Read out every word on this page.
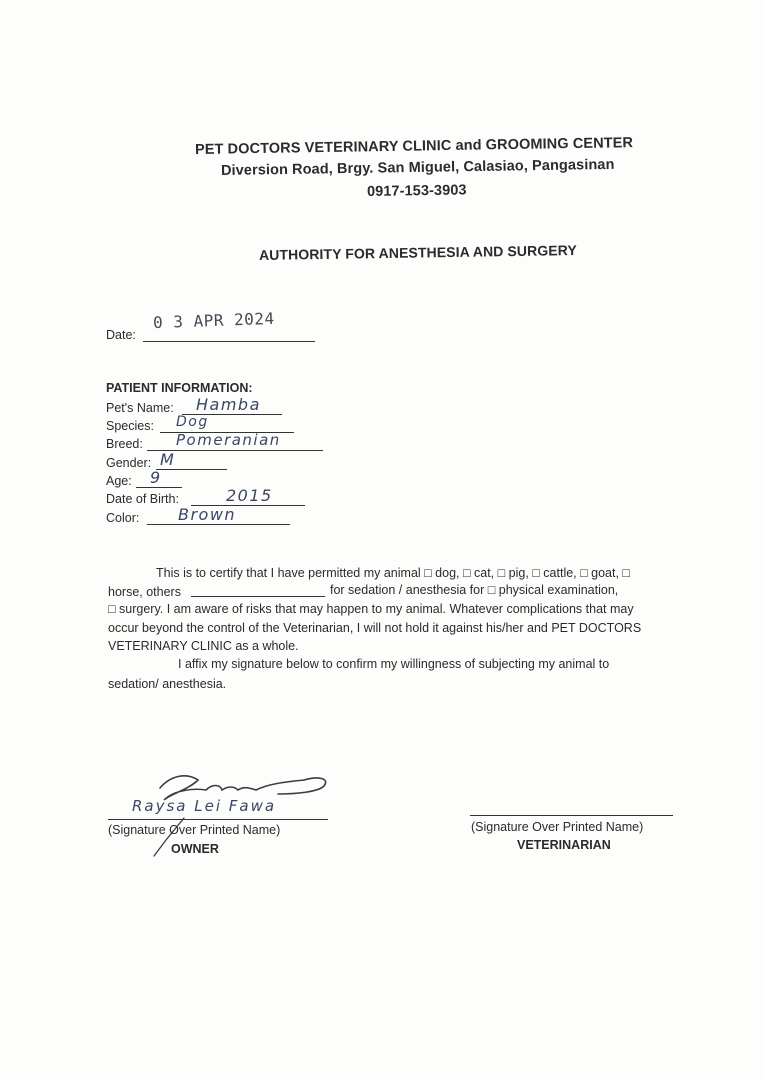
PET DOCTORS VETERINARY CLINIC and GROOMING CENTER
Diversion Road, Brgy. San Miguel, Calasiao, Pangasinan
0917-153-3903
AUTHORITY FOR ANESTHESIA AND SURGERY
Date:
0 3 APR 2024
PATIENT INFORMATION:
Pet's Name: Hamba
Species: Dog
Breed: Pomeranian
Gender: M
Age: 9
Date of Birth:	2015
Color: Brown
This is to certify that I have permitted my animal □ dog, □ cat, □ pig, □ cattle, □ goat, □
horse, others	for sedation / anesthesia for □ physical examination,
□ surgery. I am aware of risks that may happen to my animal. Whatever complications that may
occur beyond the control of the Veterinarian, I will not hold it against his/her and PET DOCTORS
VETERINARY CLINIC as a whole.
I affix my signature below to confirm my willingness of subjecting my animal to
sedation/ anesthesia.
Raysa Lei Fawa
(Signature Over Printed Name)
OWNER
(Signature Over Printed Name)
VETERINARIAN
